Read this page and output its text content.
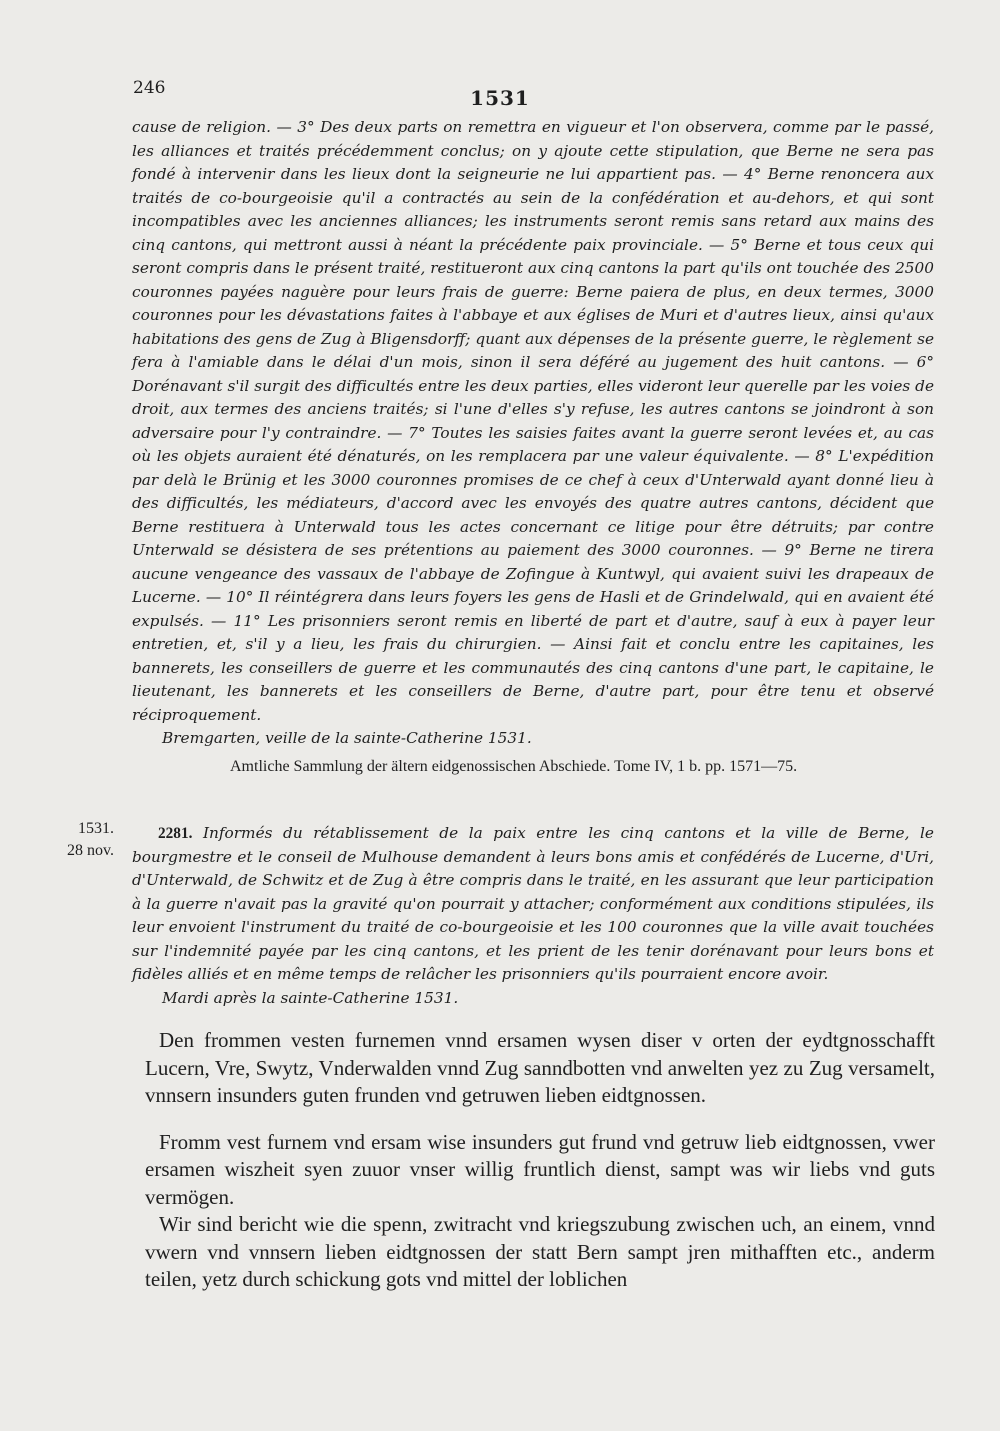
246	1531

cause de religion. — 3° Des deux parts on remettra en vigueur et l'on observera, comme par le passé, les alliances et traités précédemment conclus; on y ajoute cette stipulation, que Berne ne sera pas fondé à intervenir dans les lieux dont la seigneurie ne lui appartient pas. — 4° Berne renoncera aux traités de co-bourgeoisie qu'il a contractés au sein de la confédération et au-dehors, et qui sont incompatibles avec les anciennes alliances; les instruments seront remis sans retard aux mains des cinq cantons, qui mettront aussi à néant la précédente paix provinciale. — 5° Berne et tous ceux qui seront compris dans le présent traité, restitueront aux cinq cantons la part qu'ils ont touchée des 2500 couronnes payées naguère pour leurs frais de guerre: Berne paiera de plus, en deux termes, 3000 couronnes pour les dévastations faites à l'abbaye et aux églises de Muri et d'autres lieux, ainsi qu'aux habitations des gens de Zug à Bligensdorff; quant aux dépenses de la présente guerre, le règlement se fera à l'amiable dans le délai d'un mois, sinon il sera déféré au jugement des huit cantons. — 6° Dorénavant s'il surgit des difficultés entre les deux parties, elles videront leur querelle par les voies de droit, aux termes des anciens traités; si l'une d'elles s'y refuse, les autres cantons se joindront à son adversaire pour l'y contraindre. — 7° Toutes les saisies faites avant la guerre seront levées et, au cas où les objets auraient été dénaturés, on les remplacera par une valeur équivalente. — 8° L'expédition par delà le Brünig et les 3000 couronnes promises de ce chef à ceux d'Unterwald ayant donné lieu à des difficultés, les médiateurs, d'accord avec les envoyés des quatre autres cantons, décident que Berne restituera à Unterwald tous les actes concernant ce litige pour être détruits; par contre Unterwald se désistera de ses prétentions au paiement des 3000 couronnes. — 9° Berne ne tirera aucune vengeance des vassaux de l'abbaye de Zofingue à Kuntwyl, qui avaient suivi les drapeaux de Lucerne. — 10° Il réintégrera dans leurs foyers les gens de Hasli et de Grindelwald, qui en avaient été expulsés. — 11° Les prisonniers seront remis en liberté de part et d'autre, sauf à eux à payer leur entretien, et, s'il y a lieu, les frais du chirurgien. — Ainsi fait et conclu entre les capitaines, les bannerets, les conseillers de guerre et les communautés des cinq cantons d'une part, le capitaine, le lieutenant, les bannerets et les conseillers de Berne, d'autre part, pour être tenu et observé réciproquement.

Bremgarten, veille de la sainte-Catherine 1531.

Amtliche Sammlung der ältern eidgenossischen Abschiede. Tome IV, 1 b. pp. 1571—75.
1531.
28 nov.

2281. Informés du rétablissement de la paix entre les cinq cantons et la ville de Berne, le bourgmestre et le conseil de Mulhouse demandent à leurs bons amis et confédérés de Lucerne, d'Uri, d'Unterwald, de Schwitz et de Zug à être compris dans le traité, en les assurant que leur participation à la guerre n'avait pas la gravité qu'on pourrait y attacher; conformément aux conditions stipulées, ils leur envoient l'instrument du traité de co-bourgeoisie et les 100 couronnes que la ville avait touchées sur l'indemnité payée par les cinq cantons, et les prient de les tenir dorénavant pour leurs bons et fidèles alliés et en même temps de relâcher les prisonniers qu'ils pourraient encore avoir.

Mardi après la sainte-Catherine 1531.

Den frommen vesten furnemen vnnd ersamen wysen diser v orten der eydtgnosschafft Lucern, Vre, Swytz, Vnderwalden vnnd Zug sanndbotten vnd anwelten yez zu Zug versamelt, vnnsern insunders guten frunden vnd getruwen lieben eidtgnossen.

Fromm vest furnem vnd ersam wise insunders gut frund vnd getruw lieb eidtgnossen, vwer ersamen wiszheit syen zuuor vnser willig fruntlich dienst, sampt was wir liebs vnd guts vermögen.

Wir sind bericht wie die spenn, zwitracht vnd kriegszubung zwischen uch, an einem, vnnd vwern vnd vnnsern lieben eidtgnossen der statt Bern sampt jren mithafften etc., anderm teilen, yetz durch schickung gots vnd mittel der loblichen
